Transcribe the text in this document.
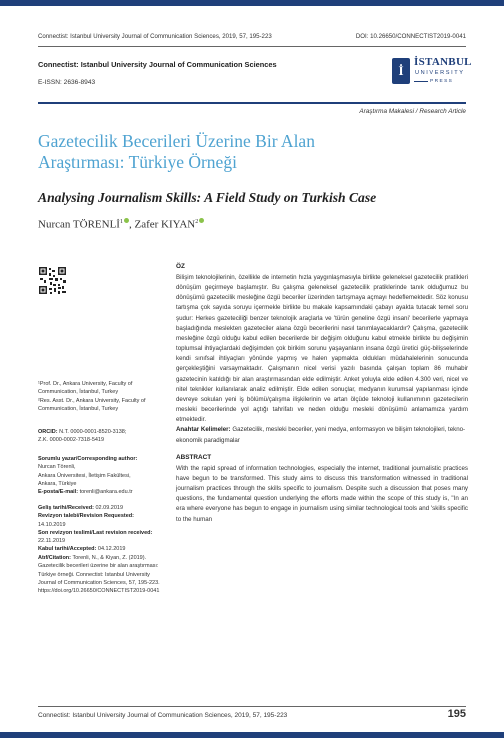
Connectist: Istanbul University Journal of Communication Sciences, 2019, 57, 195-223	DOI: 10.26650/CONNECTIST2019-0041
Connectist: Istanbul University Journal of Communication Sciences
E-ISSN: 2636-8943
İ
İSTANBUL
UNIVERSITY
PRESS
Araştırma Makalesi / Research Article
Gazetecilik Becerileri Üzerine Bir Alan
Araştırması: Türkiye Örneği
Analysing Journalism Skills: A Field Study on Turkish Case
Nurcan TÖRENLİ$^1$ , Zafer KIYAN$^2$
¹Prof. Dr., Ankara University, Faculty of Communication, İstanbul, Turkey
²Res. Asst. Dr., Ankara University, Faculty of Communication, İstanbul, Turkey
ORCID: N.T. 0000-0001-8520-3138;
Z.K. 0000-0002-7318-5419
Sorumlu yazar/Corresponding author:
Nurcan Törenli,
Ankara Üniversitesi, İletişim Fakültesi,
Ankara, Türkiye
E-posta/E-mail: torenli@ankara.edu.tr
Geliş tarihi/Received: 02.09.2019
Revizyon talebi/Revision Requested:
14.10.2019
Son revizyon teslimi/Last revision received: 22.11.2019
Kabul tarihi/Accepted: 04.12.2019
Atıf/Citation: Torenli, N., & Kiyan, Z. (2019). Gazetecilik becerileri üzerine bir alan araştırması: Türkiye örneği. Connectist: Istanbul University Journal of Communication Sciences, 57, 195-223. https://doi.org/10.26650/CONNECTIST2019-0041
ÖZ
Bilişim teknolojilerinin, özellikle de internetin hızla yaygınlaşmasıyla birlikte geleneksel gazetecilik pratikleri dönüşüm geçirmeye başlamıştır. Bu çalışma geleneksel gazetecilik pratiklerinde tanık olduğumuz bu dönüşümü gazetecilik mesleğine özgü beceriler üzerinden tartışmaya açmayı hedeflemektedir. Söz konusu tartışma çok sayıda soruyu içermekle birlikte bu makale kapsamındaki çabayı ayakta tutacak temel soru şudur: Herkes gazeteciliği benzer teknolojik araçlarla ve 'türün geneline özgü insani' becerilerle yapmaya başladığında meslekten gazeteciler alana özgü becerilerini nasıl tanımlayacaklardır? Çalışma, gazetecilik mesleğine özgü olduğu kabul edilen becerilerde bir değişim olduğunu kabul etmekle birlikte bu değişimin toplumsal ihtiyaçlardaki değişimden çok birikim sorunu yaşayanların insana özgü üretici güç-bilişselerinde kendi sınıfsal ihtiyaçları yönünde yapmış ve halen yapmakta oldukları müdahalelerinin sonucunda gerçekleştiğini varsaymaktadır. Çalışmanın nicel verisi yazılı basında çalışan toplam 86 muhabir gazetecinin katıldığı bir alan araştırmasından elde edilmiştir. Anket yoluyla elde edilen 4.300 veri, nicel ve nitel teknikler kullanılarak analiz edilmiştir. Elde edilen sonuçlar, medyanın kurumsal yapılanması içinde devreye sokulan yeni iş bölümü/çalışma ilişkilerinin ve artan ölçüde teknoloji kullanımının gazetecilerin mesleki becerilerinde yol açtığı tahrifatı ve neden olduğu mesleki dönüşümü anlamamıza yardım etmektedir.
Anahtar Kelimeler: Gazetecilik, mesleki beceriler, yeni medya, enformasyon ve bilişim teknolojileri, tekno-ekonomik paradigmalar
ABSTRACT
With the rapid spread of information technologies, especially the internet, traditional journalistic practices have begun to be transformed. This study aims to discuss this transformation witnessed in traditional journalism practices through the skills specific to journalism. Despite such a discussion that poses many questions, the fundamental question underlying the efforts made within the scope of this study is, "In an era where everyone has begun to engage in journalism using similar technological tools and 'skills specific to the human
Connectist: Istanbul University Journal of Communication Sciences, 2019, 57, 195-223	195
